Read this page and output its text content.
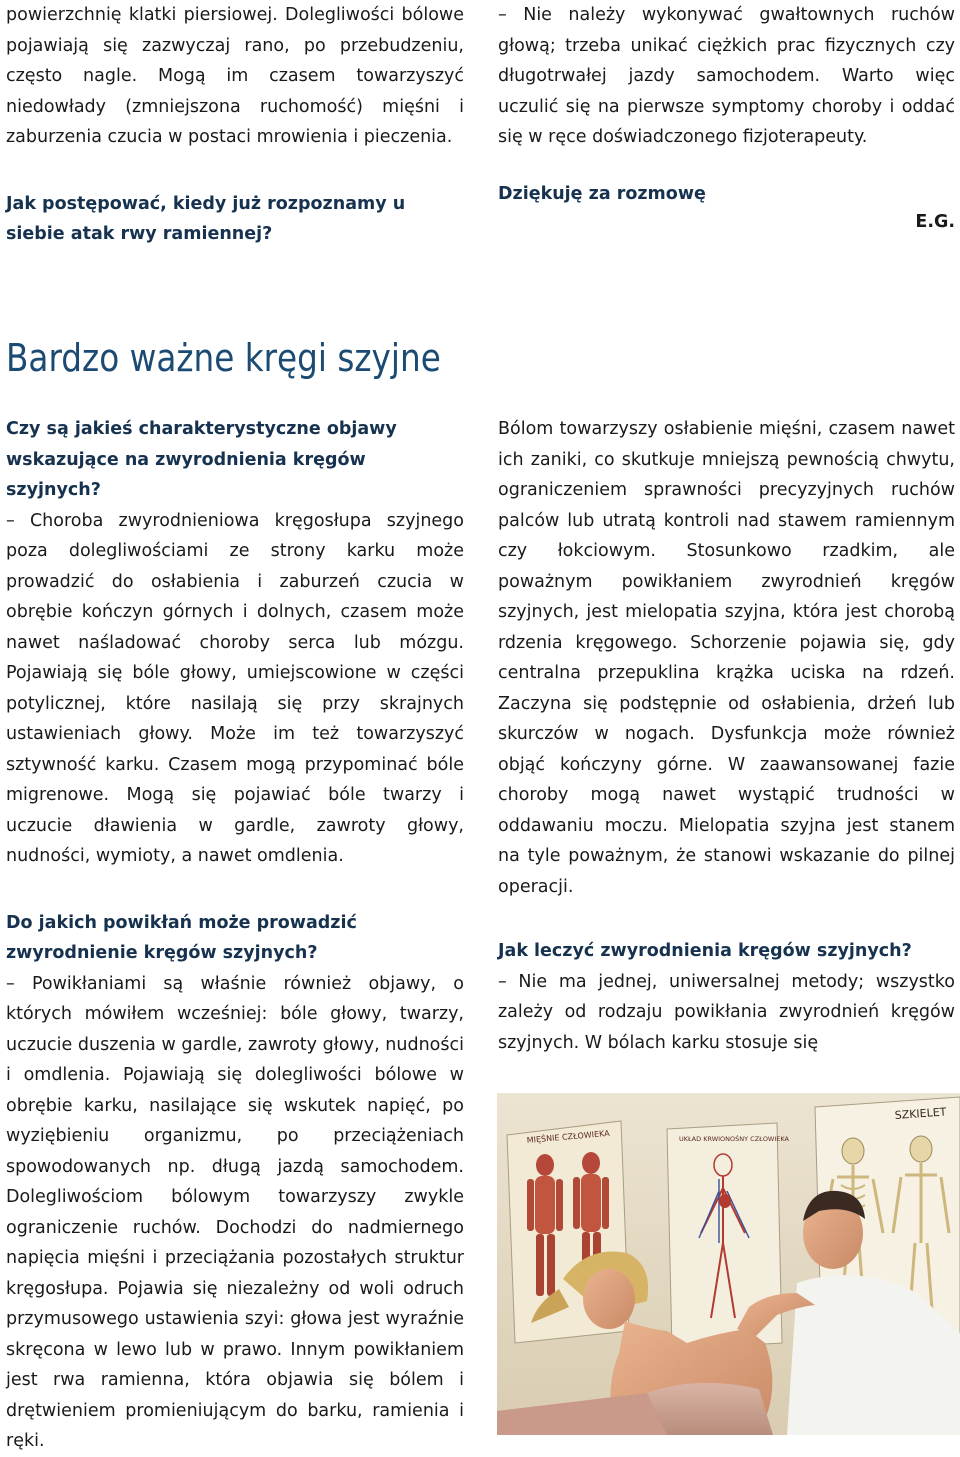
powierzchnię klatki piersiowej. Dolegliwości bólowe pojawiają się zazwyczaj rano, po przebudzeniu, często nagle. Mogą im czasem towarzyszyć niedowłady (zmniejszona ruchomość) mięśni i zaburzenia czucia w postaci mrowienia i pieczenia.

Jak postępować, kiedy już rozpoznamy u siebie atak rwy ramiennej?

– Nie należy wykonywać gwałtownych ruchów głową; trzeba unikać ciężkich prac fizycznych czy długotrwałej jazdy samochodem. Warto więc uczulić się na pierwsze symptomy choroby i oddać się w ręce doświadczonego fizjoterapeuty.

Dziękuję za rozmowę

E.G.

Bardzo ważne kręgi szyjne

Czy są jakieś charakterystyczne objawy wskazujące na zwyrodnienia kręgów szyjnych?

– Choroba zwyrodnieniowa kręgosłupa szyjnego poza dolegliwościami ze strony karku może prowadzić do osłabienia i zaburzeń czucia w obrębie kończyn górnych i dolnych, czasem może nawet naśladować choroby serca lub mózgu. Pojawiają się bóle głowy, umiejscowione w części potylicznej, które nasilają się przy skrajnych ustawieniach głowy. Może im też towarzyszyć sztywność karku. Czasem mogą przypominać bóle migrenowe. Mogą się pojawiać bóle twarzy i uczucie dławienia w gardle, zawroty głowy, nudności, wymioty, a nawet omdlenia.

Do jakich powikłań może prowadzić zwyrodnienie kręgów szyjnych?

– Powikłaniami są właśnie również objawy, o których mówiłem wcześniej: bóle głowy, twarzy, uczucie duszenia w gardle, zawroty głowy, nudności i omdlenia. Pojawiają się dolegliwości bólowe w obrębie karku, nasilające się wskutek napięć, po wyziębieniu organizmu, po przeciążeniach spowodowanych np. długą jazdą samochodem. Dolegliwościom bólowym towarzyszy zwykle ograniczenie ruchów. Dochodzi do nadmiernego napięcia mięśni i przeciążania pozostałych struktur kręgosłupa. Pojawia się niezależny od woli odruch przymusowego ustawienia szyi: głowa jest wyraźnie skręcona w lewo lub w prawo. Innym powikłaniem jest rwa ramienna, która objawia się bólem i drętwieniem promieniującym do barku, ramienia i ręki.

Bólom towarzyszy osłabienie mięśni, czasem nawet ich zaniki, co skutkuje mniejszą pewnością chwytu, ograniczeniem sprawności precyzyjnych ruchów palców lub utratą kontroli nad stawem ramiennym czy łokciowym. Stosunkowo rzadkim, ale poważnym powikłaniem zwyrodnień kręgów szyjnych, jest mielopatia szyjna, która jest chorobą rdzenia kręgowego. Schorzenie pojawia się, gdy centralna przepuklina krążka uciska na rdzeń. Zaczyna się podstępnie od osłabienia, drżeń lub skurczów w nogach. Dysfunkcja może również objąć kończyny górne. W zaawansowanej fazie choroby mogą nawet wystąpić trudności w oddawaniu moczu. Mielopatia szyjna jest stanem na tyle poważnym, że stanowi wskazanie do pilnej operacji.

Jak leczyć zwyrodnienia kręgów szyjnych?

– Nie ma jednej, uniwersalnej metody; wszystko zależy od rodzaju powikłania zwyrodnień kręgów szyjnych. W bólach karku stosuje się

MIĘŚNIE CZŁOWIEKA	UKŁAD KRWIONOŚNY CZŁOWIEKA
SZKIELET
